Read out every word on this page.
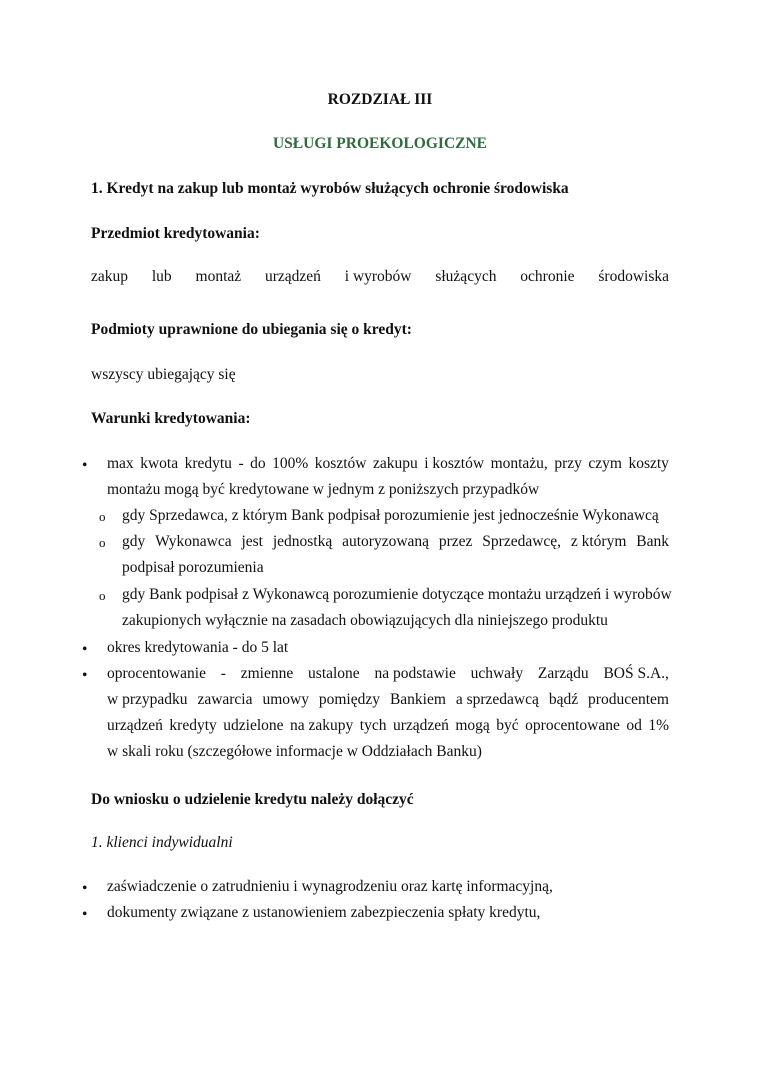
ROZDZIAŁ III
USŁUGI PROEKOLOGICZNE
1. Kredyt na zakup lub montaż wyrobów służących ochronie środowiska
Przedmiot kredytowania:
zakup lub montaż urządzeń i wyrobów służących ochronie środowiska
Podmioty uprawnione do ubiegania się o kredyt:
wszyscy ubiegający się
Warunki kredytowania:
• max kwota kredytu - do 100% kosztów zakupu i kosztów montażu, przy czym koszty
montażu mogą być kredytowane w jednym z poniższych przypadków
o gdy Sprzedawca, z którym Bank podpisał porozumienie jest jednocześnie Wykonawcą
o gdy Wykonawca jest jednostką autoryzowaną przez Sprzedawcę, z którym Bank
podpisał porozumienia
o gdy Bank podpisał z Wykonawcą porozumienie dotyczące montażu urządzeń i wyrobów
zakupionych wyłącznie na zasadach obowiązujących dla niniejszego produktu
• okres kredytowania - do 5 lat
• oprocentowanie - zmienne ustalone na podstawie uchwały Zarządu BOŚ S.A.,
w przypadku zawarcia umowy pomiędzy Bankiem a sprzedawcą bądź producentem
urządzeń kredyty udzielone na zakupy tych urządzeń mogą być oprocentowane od 1%
w skali roku (szczegółowe informacje w Oddziałach Banku)
Do wniosku o udzielenie kredytu należy dołączyć
1. klienci indywidualni
• zaświadczenie o zatrudnieniu i wynagrodzeniu oraz kartę informacyjną,
• dokumenty związane z ustanowieniem zabezpieczenia spłaty kredytu,
